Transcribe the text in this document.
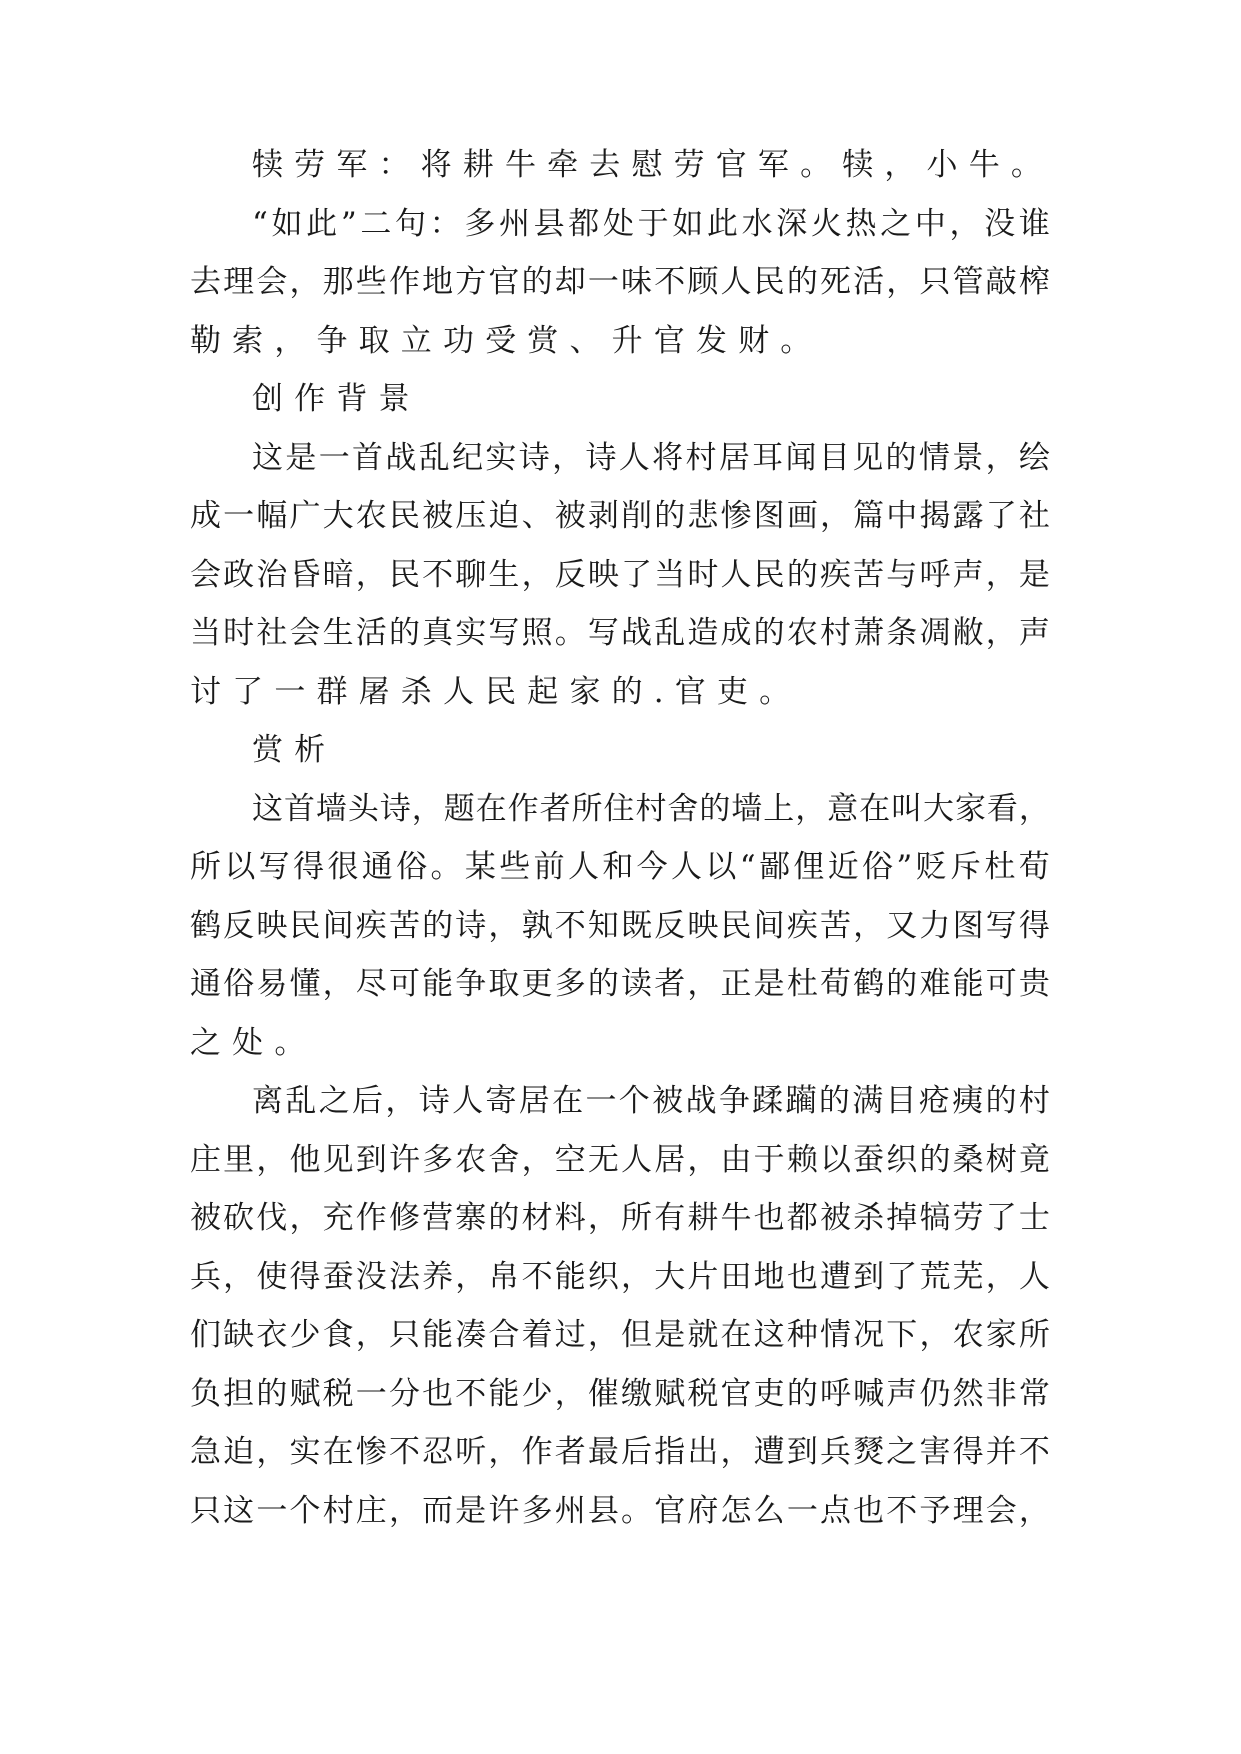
犊劳军：将耕牛牵去慰劳官军。犊，小牛。
“ 如 此 ” 二 句 ： 多 州 县 都 处 于 如 此 水 深 火 热 之 中 ， 没 谁
去 理 会 ， 那 些 作 地 方 官 的 却 一 味 不 顾 人 民 的 死 活 ， 只 管 敲 榨
勒索，争取立功受赏、升官发财。
创作背景
这 是 一 首 战 乱 纪 实 诗 ， 诗 人 将 村 居 耳 闻 目 见 的 情 景 ， 绘
成 一 幅 广 大 农 民 被 压 迫 、 被 剥 削 的 悲 惨 图 画 ， 篇 中 揭 露 了 社
会 政 治 昏 暗 ， 民 不 聊 生 ， 反 映 了 当 时 人 民 的 疾 苦 与 呼 声 ， 是
当 时 社 会 生 活 的 真 实 写 照 。 写 战 乱 造 成 的 农 村 萧 条 凋 敝 ， 声
讨了一群屠杀人民起家的.官吏。
赏析
这 首 墙 头 诗 ， 题 在 作 者 所 住 村 舍 的 墙 上 ， 意 在 叫 大 家 看 ，
所 以 写 得 很 通 俗 。 某 些 前 人 和 今 人 以 “ 鄙 俚 近 俗 ” 贬 斥 杜 荀
鹤 反 映 民 间 疾 苦 的 诗 ， 孰 不 知 既 反 映 民 间 疾 苦 ， 又 力 图 写 得
通 俗 易 懂 ， 尽 可 能 争 取 更 多 的 读 者 ， 正 是 杜 荀 鹤 的 难 能 可 贵
之处。
离 乱 之 后 ， 诗 人 寄 居 在 一 个 被 战 争 蹂 躏 的 满 目 疮 痍 的 村
庄 里 ， 他 见 到 许 多 农 舍 ， 空 无 人 居 ， 由 于 赖 以 蚕 织 的 桑 树 竟
被 砍 伐 ， 充 作 修 营 寨 的 材 料 ， 所 有 耕 牛 也 都 被 杀 掉 犒 劳 了 士
兵 ， 使 得 蚕 没 法 养 ， 帛 不 能 织 ， 大 片 田 地 也 遭 到 了 荒 芜 ， 人
们 缺 衣 少 食 ， 只 能 凑 合 着 过 ， 但 是 就 在 这 种 情 况 下 ， 农 家 所
负 担 的 赋 税 一 分 也 不 能 少 ， 催 缴 赋 税 官 吏 的 呼 喊 声 仍 然 非 常
急 迫 ， 实 在 惨 不 忍 听 ， 作 者 最 后 指 出 ， 遭 到 兵 燹 之 害 得 并 不
只 这 一 个 村 庄 ， 而 是 许 多 州 县 。 官 府 怎 么 一 点 也 不 予 理 会 ，
